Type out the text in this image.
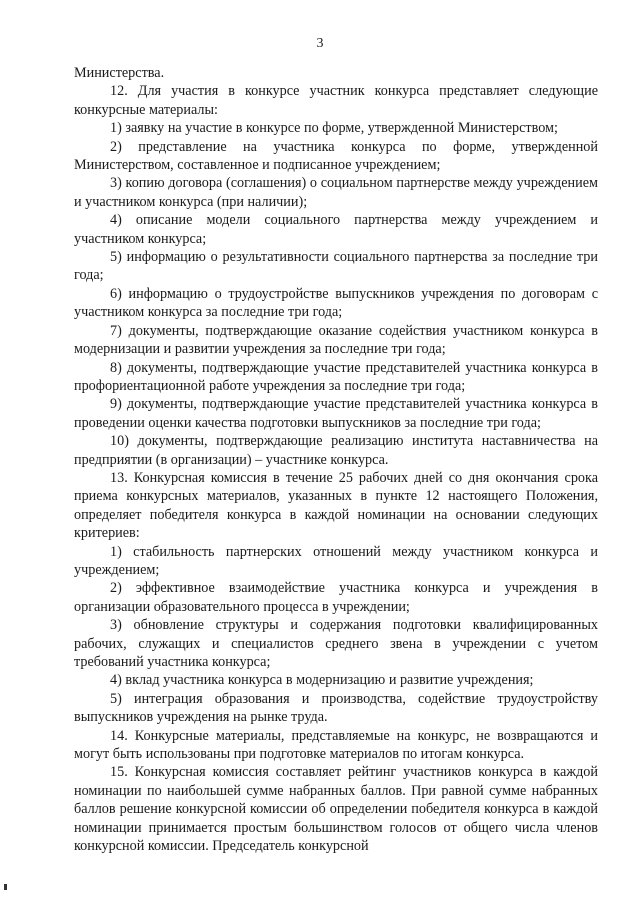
3

Министерства.

12. Для участия в конкурсе участник конкурса представляет следующие конкурсные материалы:

1) заявку на участие в конкурсе по форме, утвержденной Министерством;

2) представление на участника конкурса по форме, утвержденной Министерством, составленное и подписанное учреждением;

3) копию договора (соглашения) о социальном партнерстве между учреждением и участником конкурса (при наличии);

4) описание модели социального партнерства между учреждением и участником конкурса;

5) информацию о результативности социального партнерства за последние три года;

6) информацию о трудоустройстве выпускников учреждения по договорам с участником конкурса за последние три года;

7) документы, подтверждающие оказание содействия участником конкурса в модернизации и развитии учреждения за последние три года;

8) документы, подтверждающие участие представителей участника конкурса в профориентационной работе учреждения за последние три года;

9) документы, подтверждающие участие представителей участника конкурса в проведении оценки качества подготовки выпускников за последние три года;

10) документы, подтверждающие реализацию института наставничества на предприятии (в организации) – участнике конкурса.

13. Конкурсная комиссия в течение 25 рабочих дней со дня окончания срока приема конкурсных материалов, указанных в пункте 12 настоящего Положения, определяет победителя конкурса в каждой номинации на основании следующих критериев:

1) стабильность партнерских отношений между участником конкурса и учреждением;

2) эффективное взаимодействие участника конкурса и учреждения в организации образовательного процесса в учреждении;

3) обновление структуры и содержания подготовки квалифицированных рабочих, служащих и специалистов среднего звена в учреждении с учетом требований участника конкурса;

4) вклад участника конкурса в модернизацию и развитие учреждения;

5) интеграция образования и производства, содействие трудоустройству выпускников учреждения на рынке труда.

14. Конкурсные материалы, представляемые на конкурс, не возвращаются и могут быть использованы при подготовке материалов по итогам конкурса.

15. Конкурсная комиссия составляет рейтинг участников конкурса в каждой номинации по наибольшей сумме набранных баллов. При равной сумме набранных баллов решение конкурсной комиссии об определении победителя конкурса в каждой номинации принимается простым большинством голосов от общего числа членов конкурсной комиссии. Председатель конкурсной
